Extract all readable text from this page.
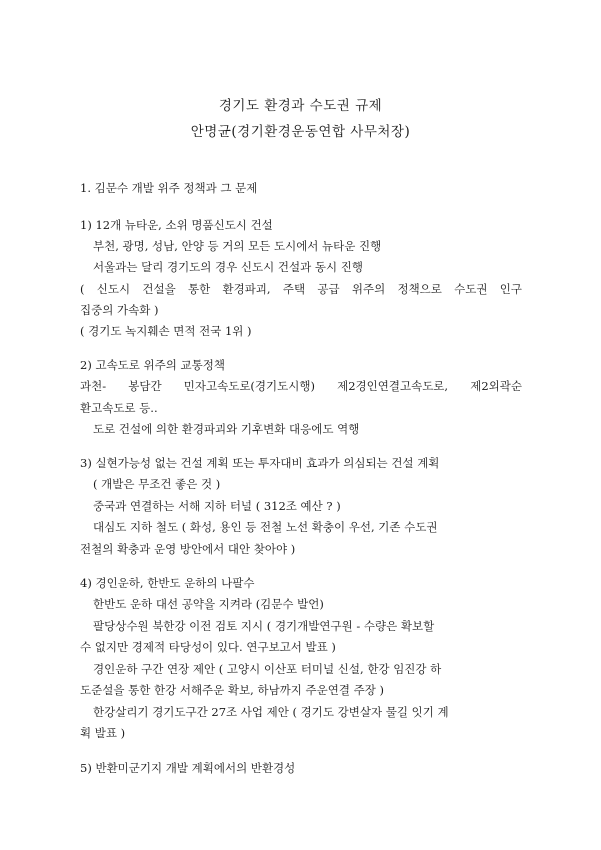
경기도 환경과 수도권 규제
안명균(경기환경운동연합 사무처장)
1. 김문수 개발 위주 정책과 그 문제
1) 12개 뉴타운, 소위 명품신도시 건설
부천, 광명, 성남, 안양 등 거의 모든 도시에서 뉴타운 진행
서울과는 달리 경기도의 경우 신도시 건설과 동시 진행
( 신도시 건설을 통한 환경파괴, 주택 공급 위주의 정책으로 수도권 인구
집중의 가속화 )
( 경기도 녹지훼손 면적 전국 1위 )
2) 고속도로 위주의 교통정책
과천- 봉담간 민자고속도로(경기도시행) 제2경인연결고속도로, 제2외곽순
환고속도로 등..
도로 건설에 의한 환경파괴와 기후변화 대응에도 역행
3) 실현가능성 없는 건설 계획 또는 투자대비 효과가 의심되는 건설 계획
( 개발은 무조건 좋은 것 )
중국과 연결하는 서해 지하 터널 ( 312조 예산 ? )
대심도 지하 철도 ( 화성, 용인 등 전철 노선 확충이 우선, 기존 수도권
전철의 확충과 운영 방안에서 대안 찾아야 )
4) 경인운하, 한반도 운하의 나팔수
한반도 운하 대선 공약을 지켜라 (김문수 발언)
팔당상수원 북한강 이전 검토 지시 ( 경기개발연구원 - 수량은 확보할
수 없지만 경제적 타당성이 있다. 연구보고서 발표 )
경인운하 구간 연장 제안 ( 고양시 이산포 터미널 신설, 한강 임진강 하
도준설을 통한 한강 서해주운 확보, 하남까지 주운연결 주장 )
한강살리기 경기도구간 27조 사업 제안 ( 경기도 강변살자 물길 잇기 계
획 발표 )
5) 반환미군기지 개발 계획에서의 반환경성
